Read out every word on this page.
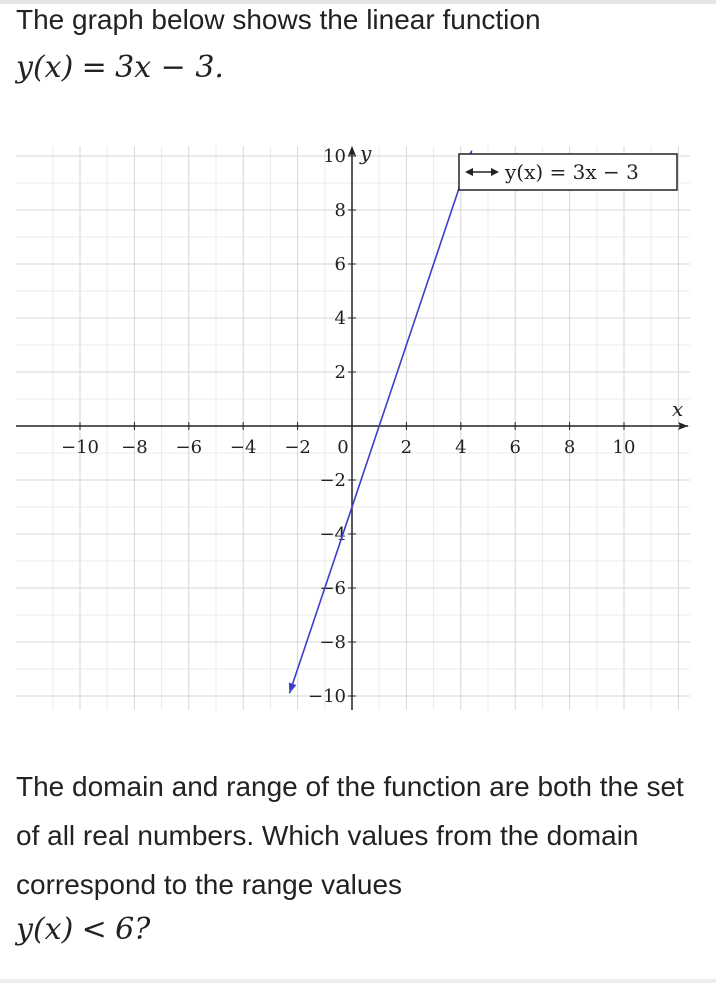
The graph below shows the linear function
y(x) = 3x − 3.
−10 −8 −6 −4 −2	2 4 6 8 10
10
8
6
4
2
−2
−4
−6
−8
−10
0
y(x) = 3x − 3
x
y
The domain and range of the function are both the set of all real numbers. Which values from the domain correspond to the range values
y(x) < 6?
